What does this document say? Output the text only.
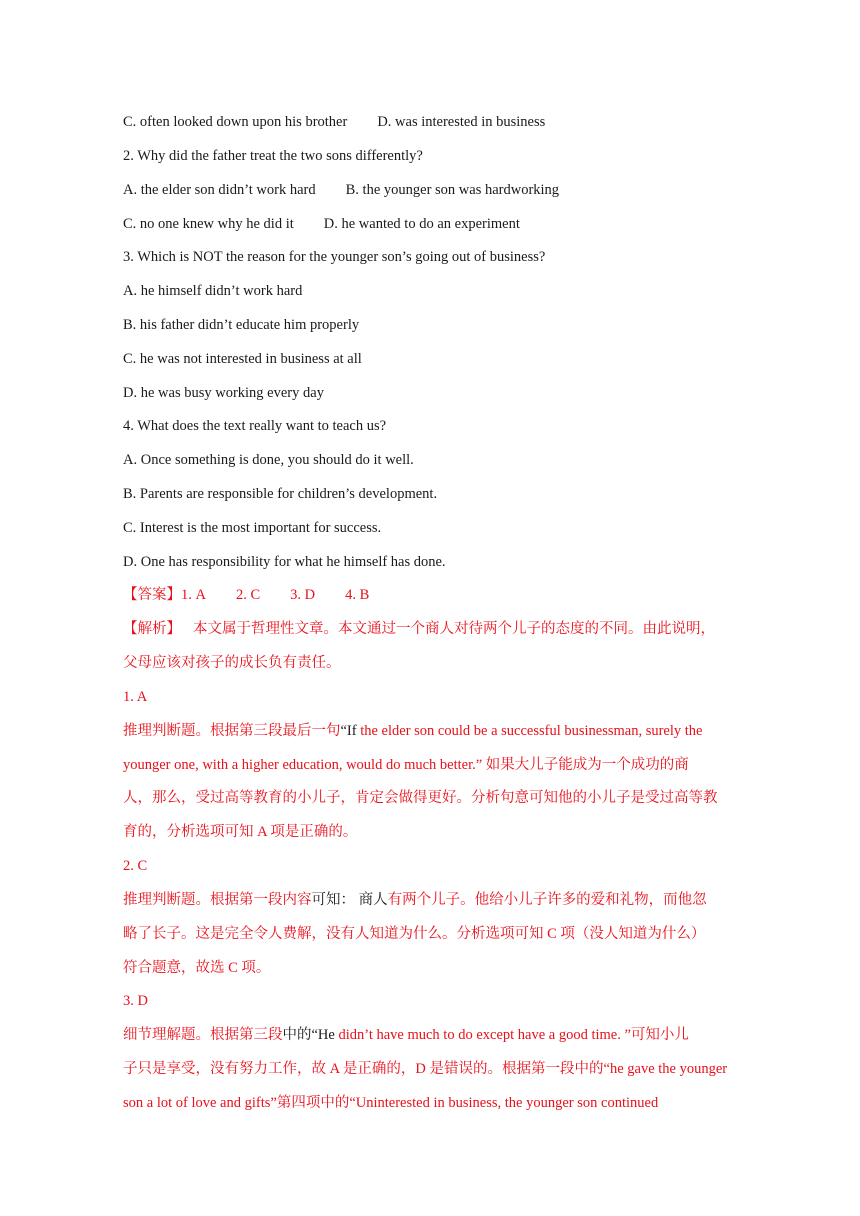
C. often looked down upon his brother D. was interested in business
2. Why did the father treat the two sons differently?
A. the elder son didn’t work hard B. the younger son was hardworking
C. no one knew why he did it D. he wanted to do an experiment
3. Which is NOT the reason for the younger son’s going out of business?
A. he himself didn’t work hard
B. his father didn’t educate him properly
C. he was not interested in business at all
D. he was busy working every day
4. What does the text really want to teach us?
A. Once something is done, you should do it well.
B. Parents are responsible for children’s development.
C. Interest is the most important for success.
D. One has responsibility for what he himself has done.
【答案】1. A 2. C 3. D 4. B
【解析】 本文属于哲理性文章。本文通过一个商人对待两个儿子的态度的不同。由此说明，
父母应该对孩子的成长负有责任。
1. A
推理判断题。根据第三段最后一句“If the elder son could be a successful businessman, surely the
younger one, with a higher education, would do much better.” 如果大儿子能成为一个成功的商
人，那么，受过高等教育的小儿子，肯定会做得更好。分析句意可知他的小儿子是受过高等教
育的，分析选项可知 A 项是正确的。
2. C
推理判断题。根据第一段内容可知： 商人有两个儿子。他给小儿子许多的爱和礼物，而他忽
略了长子。这是完全令人费解，没有人知道为什么。分析选项可知 C 项（没人知道为什么）
符合题意，故选 C 项。
3. D
细节理解题。根据第三段中的“He didn’t have much to do except have a good time. ”可知小儿
子只是享受，没有努力工作，故 A 是正确的，D 是错误的。根据第一段中的“he gave the younger
son a lot of love and gifts”第四项中的“Uninterested in business, the younger son continued
